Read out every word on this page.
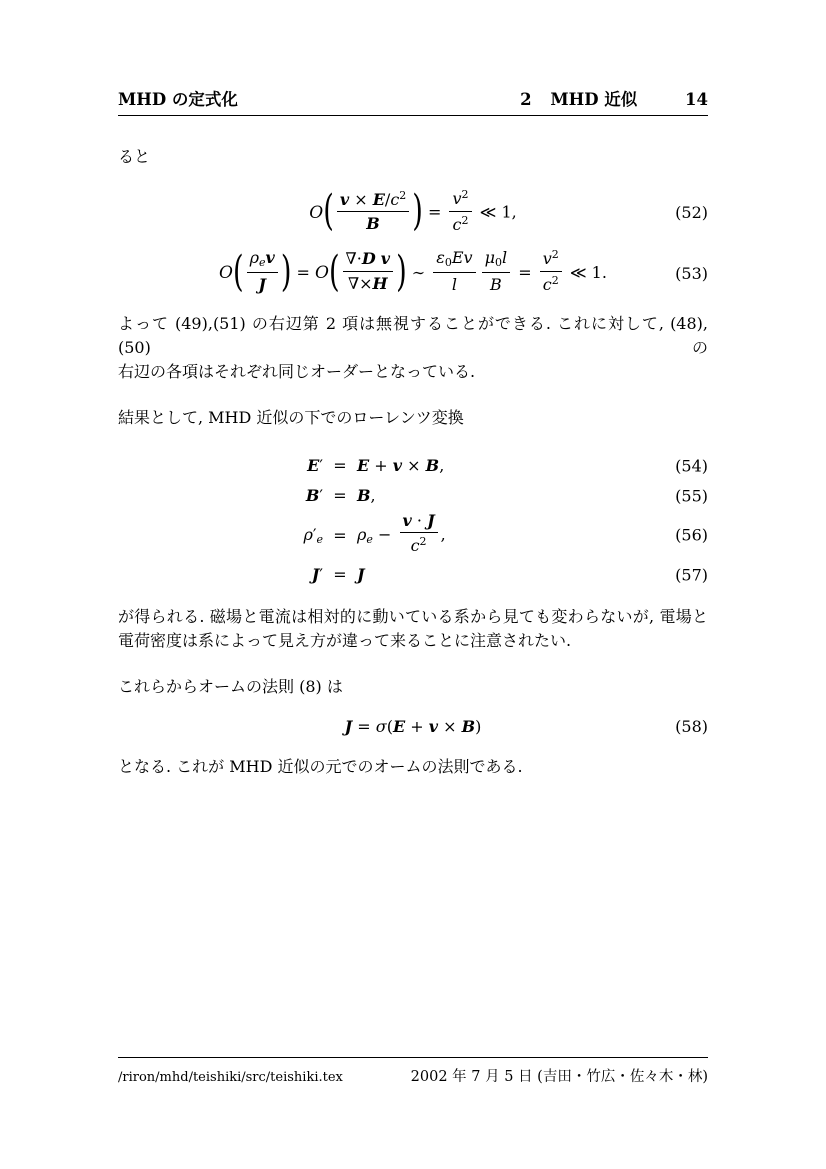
MHD の定式化	2 MHD 近似	14
ると
$O( \frac{v \times E/c^2}{B}$ ) = $\frac{v^2}{c^2}$ ≪ 1,	(52)
$O( \frac{\text{ρev}}{J}$ ) = $O( \frac{\text{∇·D v}}{\nabla\times H}$ ) ∼ $\frac{\varepsilon 0Ev}{l} \frac{\mu 0l}{B} = \frac{v^2}{c^2}$ ≪ 1.	(53)
よって (49),(51) の右辺第 2 項は無視することができる. これに対して, (48), (50) の
右辺の各項はそれぞれ同じオーダーとなっている.
結果として, MHD 近似の下でのローレンツ変換
E′ = E + v × B,	(54)
B′ = B,	(55)
$\rho'e = \rho e - \frac{v \cdot J}{c^2}$ ,	(56)
J′ = J	(57)
が得られる. 磁場と電流は相対的に動いている系から見ても変わらないが, 電場と
電荷密度は系によって見え方が違って来ることに注意されたい.
これらからオームの法則 (8) は
J = σ(E + v × B)	(58)
となる. これが MHD 近似の元でのオームの法則である.
/riron/mhd/teishiki/src/teishiki.tex	2002 年 7 月 5 日 (吉田・竹広・佐々木・林)
